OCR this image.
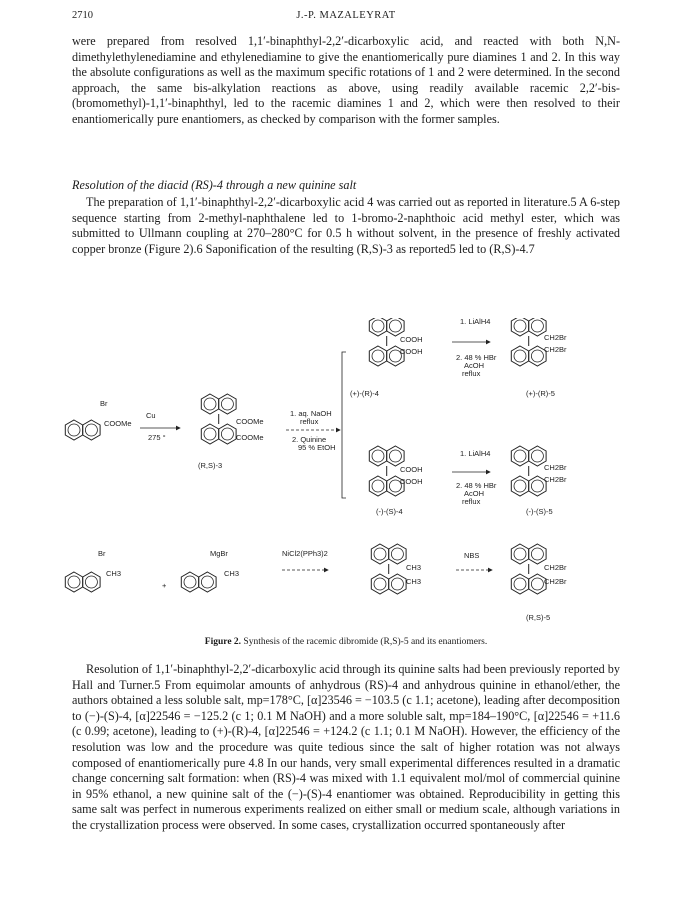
2710	J.-P. MAZALEYRAT

were prepared from resolved 1,1′-binaphthyl-2,2′-dicarboxylic acid, and reacted with both N,N-dimethylethylenediamine and ethylenediamine to give the enantiomerically pure diamines 1 and 2. In this way the absolute configurations as well as the maximum specific rotations of 1 and 2 were determined. In the second approach, the same bis-alkylation reactions as above, using readily available racemic 2,2′-bis-(bromomethyl)-1,1′-binaphthyl, led to the racemic diamines 1 and 2, which were then resolved to their enantiomerically pure enantiomers, as checked by comparison with the former samples.

Resolution of the diacid (RS)-4 through a new quinine salt

The preparation of 1,1′-binaphthyl-2,2′-dicarboxylic acid 4 was carried out as reported in literature.5 A 6-step sequence starting from 2-methyl-naphthalene led to 1-bromo-2-naphthoic acid methyl ester, which was submitted to Ullmann coupling at 270–280°C for 0.5 h without solvent, in the presence of freshly activated copper bronze (Figure 2).6 Saponification of the resulting (R,S)-3 as reported5 led to (R,S)-4.7

Br
COOMe
Cu
275 °
COOMe
COOMe
(R,S)-3
1. aq. NaOH
reflux
2. Quinine
95 % EtOH
COOH
COOH
(+)-(R)-4
COOH
COOH
(-)-(S)-4
1. LiAlH4
2. 48 % HBr
AcOH
reflux
CH2Br
CH2Br
(+)-(R)-5
1. LiAlH4
2. 48 % HBr
AcOH
reflux
CH2Br
CH2Br
(-)-(S)-5
Br
CH3
+
MgBr
CH3
NiCl2(PPh3)2
CH3
CH3
NBS
CH2Br
CH2Br
(R,S)-5
Figure 2. Synthesis of the racemic dibromide (R,S)-5 and its enantiomers.

Resolution of 1,1′-binaphthyl-2,2′-dicarboxylic acid through its quinine salts had been previously reported by Hall and Turner.5 From equimolar amounts of anhydrous (RS)-4 and anhydrous quinine in ethanol/ether, the authors obtained a less soluble salt, mp=178°C, [α]23546 = −103.5 (c 1.1; acetone), leading after decomposition to (−)-(S)-4, [α]22546 = −125.2 (c 1; 0.1 M NaOH) and a more soluble salt, mp=184–190°C, [α]22546 = +11.6 (c 0.99; acetone), leading to (+)-(R)-4, [α]22546 = +124.2 (c 1.1; 0.1 M NaOH). However, the efficiency of the resolution was low and the procedure was quite tedious since the salt of higher rotation was not always composed of enantiomerically pure 4.8 In our hands, very small experimental differences resulted in a dramatic change concerning salt formation: when (RS)-4 was mixed with 1.1 equivalent mol/mol of commercial quinine in 95% ethanol, a new quinine salt of the (−)-(S)-4 enantiomer was obtained. Reproducibility in getting this same salt was perfect in numerous experiments realized on either small or medium scale, although variations in the crystallization process were observed. In some cases, crystallization occurred spontaneously after
